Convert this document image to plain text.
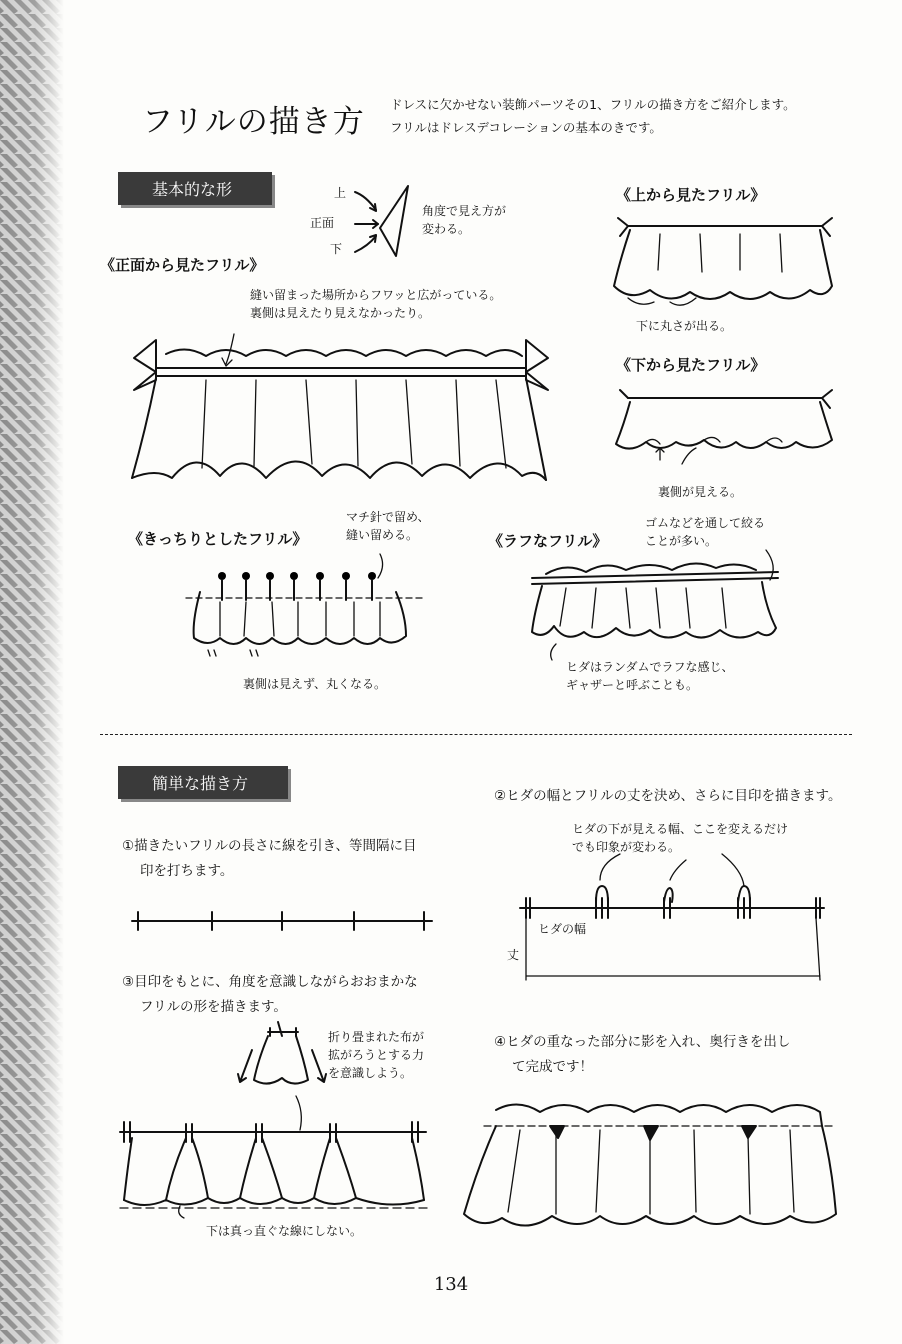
フリルの描き方 ドレスに欠かせない装飾パーツその1、フリルの描き方をご紹介します。
フリルはドレスデコレーションの基本のきです。
基本的な形	上
正面
下
角度で見え方が
変わる。
《正面から見たフリル》
縫い留まった場所からフワッと広がっている。
裏側は見えたり見えなかったり。
《上から見たフリル》
下に丸さが出る。
《下から見たフリル》
裏側が見える。
マチ針で留め、
縫い留める。
《きっちりとしたフリル》
裏側は見えず、丸くなる。
ゴムなどを通して絞る
ことが多い。
《ラフなフリル》
ヒダはランダムでラフな感じ、
ギャザーと呼ぶことも。
簡単な描き方
①描きたいフリルの長さに線を引き、等間隔に目
印を打ちます。
②ヒダの幅とフリルの丈を決め、さらに目印を描きます。
ヒダの下が見える幅、ここを変えるだけ
でも印象が変わる。
ヒダの幅
丈
③目印をもとに、角度を意識しながらおおまかな
フリルの形を描きます。
折り畳まれた布が
拡がろうとする力
を意識しよう。
下は真っ直ぐな線にしない。
④ヒダの重なった部分に影を入れ、奥行きを出し
て完成です！
134
